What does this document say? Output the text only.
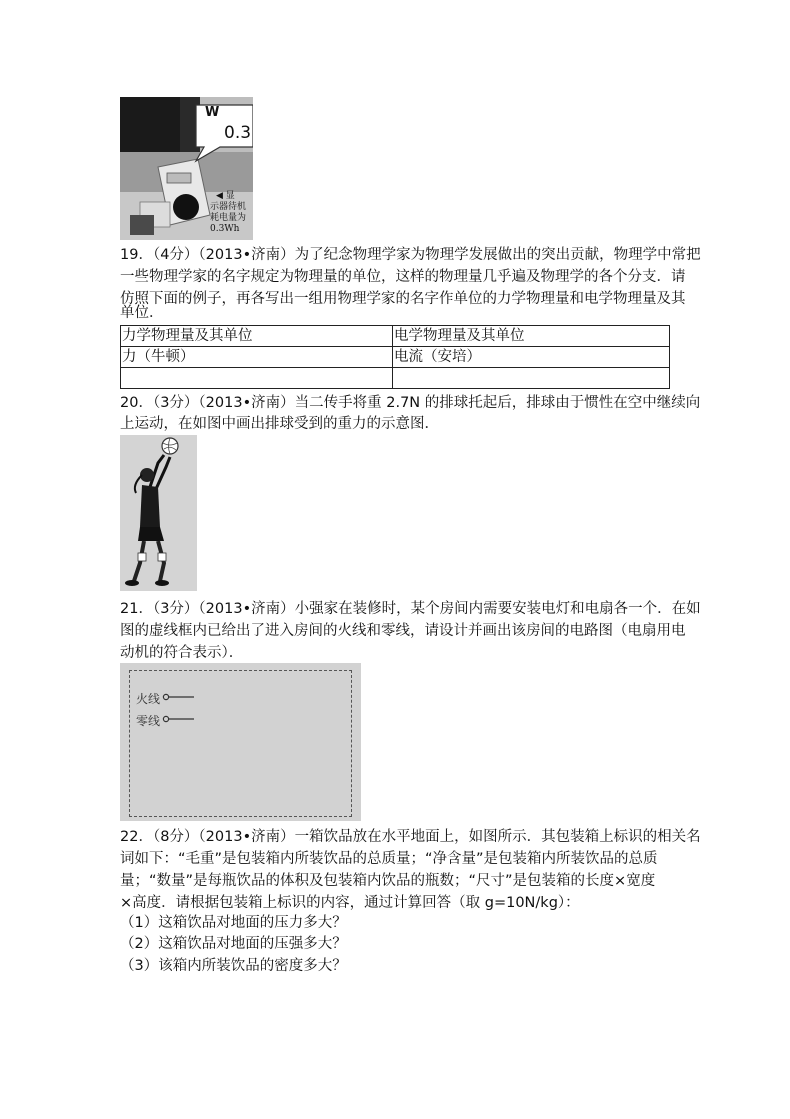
W
0.3
◀ 显
示器待机
耗电量为
0.3Wh
19．（4分）（2013•济南）为了纪念物理学家为物理学发展做出的突出贡献，物理学中常把
一些物理学家的名字规定为物理量的单位，这样的物理量几乎遍及物理学的各个分支．请
仿照下面的例子，再各写出一组用物理学家的名字作单位的力学物理量和电学物理量及其
单位．
力学物理量及其单位	电学物理量及其单位
力（牛顿）	电流（安培）

20．（3分）（2013•济南）当二传手将重 2.7N 的排球托起后，排球由于惯性在空中继续向
上运动，在如图中画出排球受到的重力的示意图．
21．（3分）（2013•济南）小强家在装修时，某个房间内需要安装电灯和电扇各一个．在如
图的虚线框内已给出了进入房间的火线和零线，请设计并画出该房间的电路图（电扇用电
动机的符合表示）．
火线
零线
22．（8分）（2013•济南）一箱饮品放在水平地面上，如图所示．其包装箱上标识的相关名
词如下：“毛重”是包装箱内所装饮品的总质量；“净含量”是包装箱内所装饮品的总质
量；“数量”是每瓶饮品的体积及包装箱内饮品的瓶数；“尺寸”是包装箱的长度×宽度
×高度．请根据包装箱上标识的内容，通过计算回答（取 g=10N/kg）：
（1）这箱饮品对地面的压力多大？
（2）这箱饮品对地面的压强多大？
（3）该箱内所装饮品的密度多大？
